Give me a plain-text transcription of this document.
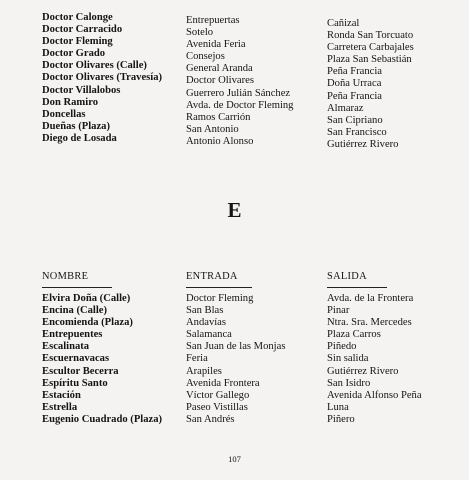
Doctor Calonge
Doctor Carracido
Doctor Fleming
Doctor Grado
Doctor Olivares (Calle)
Doctor Olivares (Travesía)
Doctor Villalobos
Don Ramiro
Doncellas
Dueñas (Plaza)
Diego de Losada
Entrepuertas
Sotelo
Avenida Feria
Consejos
General Aranda
Doctor Olivares
Guerrero Julián Sánchez
Avda. de Doctor Fleming
Ramos Carrión
San Antonio
Antonio Alonso
Cañizal
Ronda San Torcuato
Carretera Carbajales
Plaza San Sebastián
Peña Francia
Doña Urraca
Peña Francia
Almaraz
San Cipriano
San Francisco
Gutiérrez Rivero
E
NOMBRE	ENTRADA	SALIDA
Elvira Doña (Calle)
Encina (Calle)
Encomienda (Plaza)
Entrepuentes
Escalinata
Escuernavacas
Escultor Becerra
Espíritu Santo
Estación
Estrella
Eugenio Cuadrado (Plaza)
Doctor Fleming
San Blas
Andavías
Salamanca
San Juan de las Monjas
Feria
Arapiles
Avenida Frontera
Víctor Gallego
Paseo Vistillas
San Andrés
Avda. de la Frontera
Pinar
Ntra. Sra. Mercedes
Plaza Carros
Piñedo
Sin salida
Gutiérrez Rivero
San Isidro
Avenida Alfonso Peña
Luna
Piñero
107
